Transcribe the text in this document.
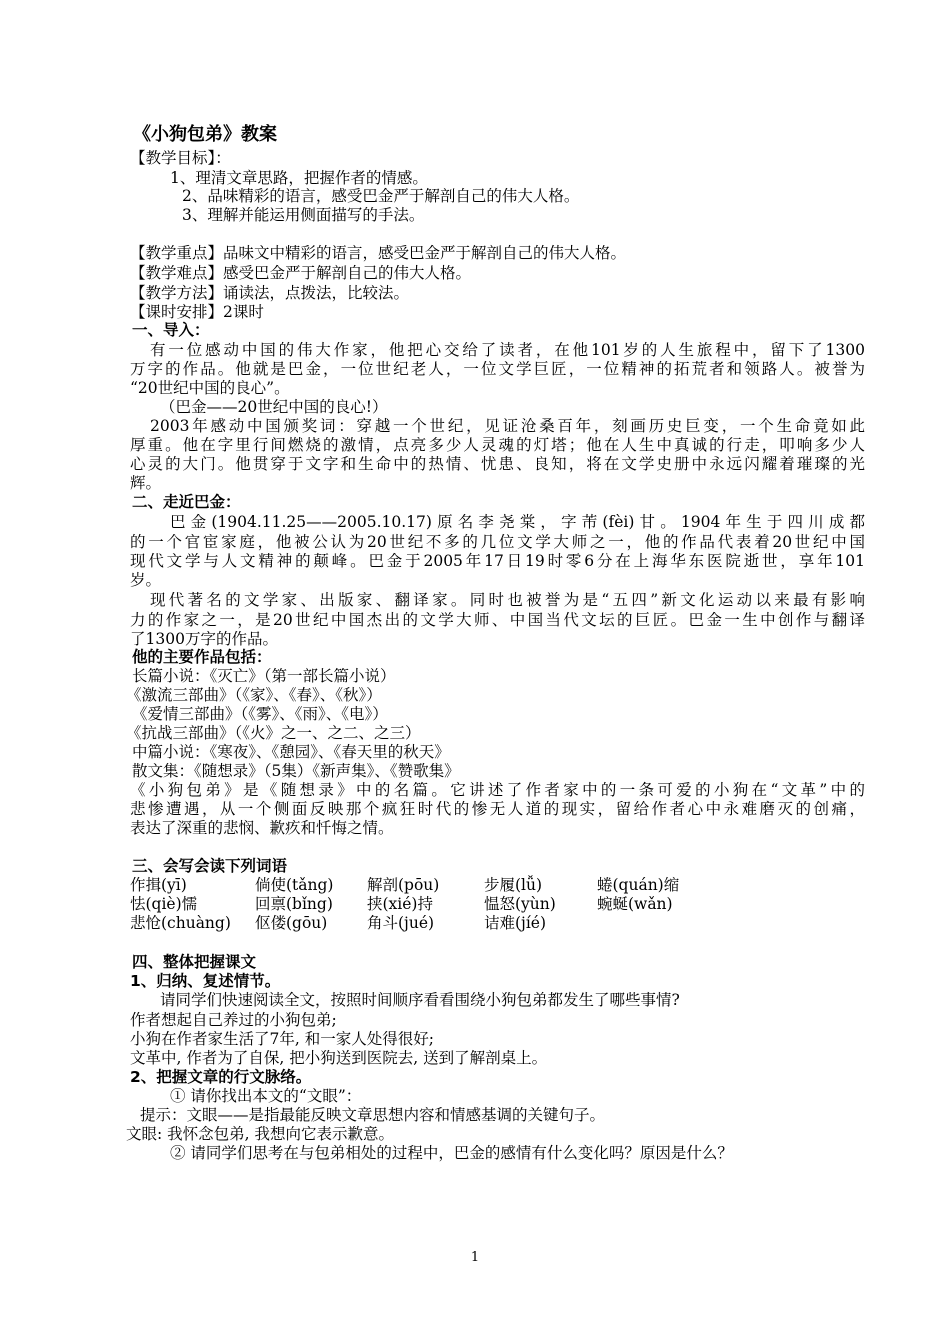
《小狗包弟》教案
【教学目标】：
1、理清文章思路，把握作者的情感。
2、品味精彩的语言，感受巴金严于解剖自己的伟大人格。
3、理解并能运用侧面描写的手法。
【教学重点】品味文中精彩的语言，感受巴金严于解剖自己的伟大人格。
【教学难点】感受巴金严于解剖自己的伟大人格。
【教学方法】诵读法，点拨法，比较法。
【课时安排】2课时
一、导入：
有一位感动中国的伟大作家，他把心交给了读者，在他101岁的人生旅程中，留下了1300
万字的作品。他就是巴金，一位世纪老人，一位文学巨匠，一位精神的拓荒者和领路人。被誉为
“20世纪中国的良心”。
（巴金——20世纪中国的良心!）
2003年感动中国颁奖词：穿越一个世纪，见证沧桑百年，刻画历史巨变，一个生命竟如此
厚重。他在字里行间燃烧的激情，点亮多少人灵魂的灯塔；他在人生中真诚的行走，叩响多少人
心灵的大门。他贯穿于文字和生命中的热情、忧患、良知，将在文学史册中永远闪耀着璀璨的光
辉。
二、走近巴金：
巴金(1904.11.25——2005.10.17)原名李尧棠，字芾(fèi)甘。1904年生于四川成都
的一个官宦家庭，他被公认为20世纪不多的几位文学大师之一，他的作品代表着20世纪中国
现代文学与人文精神的颠峰。巴金于2005年17日19时零6分在上海华东医院逝世，享年101
岁。
现代著名的文学家、出版家、翻译家。同时也被誉为是“五四”新文化运动以来最有影响
力的作家之一，是20世纪中国杰出的文学大师、中国当代文坛的巨匠。巴金一生中创作与翻译
了1300万字的作品。
他的主要作品包括：
长篇小说：《灭亡》（第一部长篇小说）
《激流三部曲》（《家》、《春》、《秋》）
《爱情三部曲》（《雾》、《雨》、《电》）
《抗战三部曲》（《火》之一、之二、之三）
中篇小说：《寒夜》、《憩园》、《春天里的秋天》
散文集：《随想录》（5集）《新声集》、《赞歌集》
《小狗包弟》是《随想录》中的名篇。它讲述了作者家中的一条可爱的小狗在“文革”中的
悲惨遭遇，从一个侧面反映那个疯狂时代的惨无人道的现实，留给作者心中永难磨灭的创痛，
表达了深重的悲悯、歉疚和忏悔之情。
三、会写会读下列词语
作揖(yī)	倘使(tǎng) 解剖(pōu)	步履(lǚ)	蜷(quán)缩
怯(qiè)懦	回禀(bǐng) 挟(xié)持	愠怒(yùn)	蜿蜒(wǎn)
悲怆(chuàng) 伛偻(gōu)	角斗(jué)	诘难(jíé)
四、整体把握课文
1、归纳、复述情节。
请同学们快速阅读全文，按照时间顺序看看围绕小狗包弟都发生了哪些事情?
作者想起自己养过的小狗包弟;
小狗在作者家生活了7年, 和一家人处得很好;
文革中, 作者为了自保, 把小狗送到医院去, 送到了解剖桌上。
2、把握文章的行文脉络。
① 请你找出本文的“文眼”：
提示：文眼——是指最能反映文章思想内容和情感基调的关键句子。
文眼: 我怀念包弟, 我想向它表示歉意。
② 请同学们思考在与包弟相处的过程中，巴金的感情有什么变化吗？原因是什么？
1
